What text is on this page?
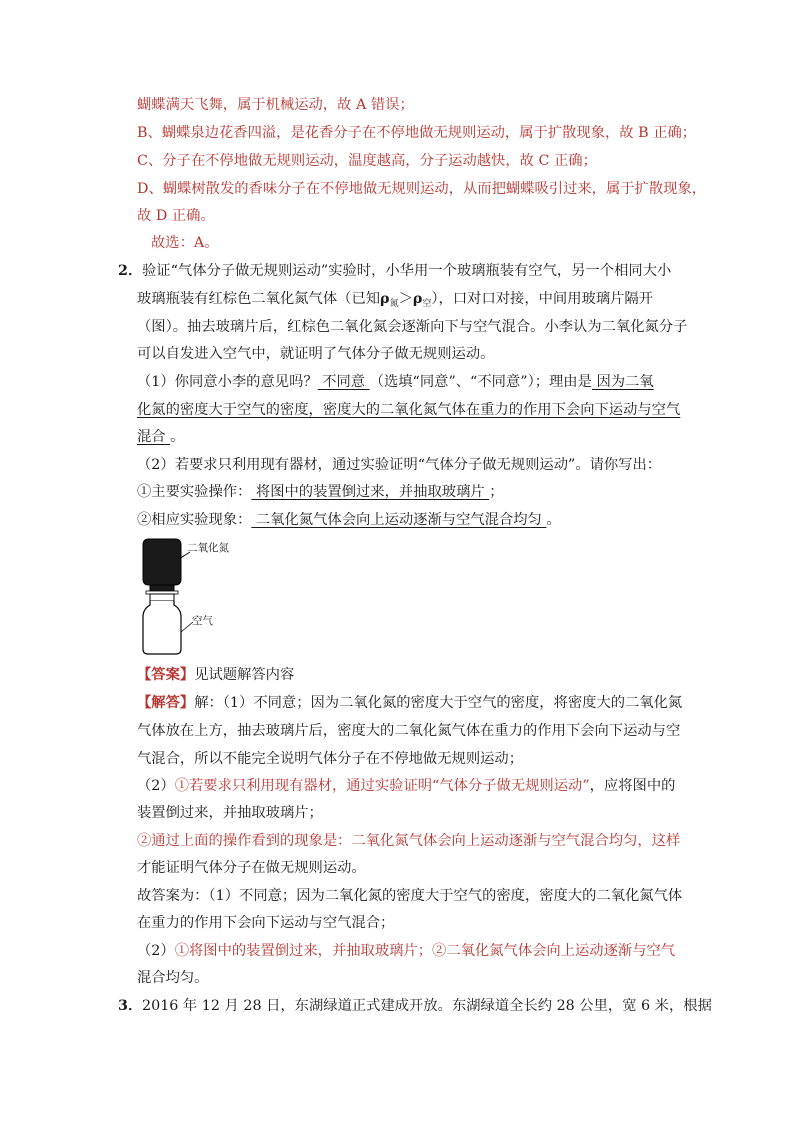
蝴蝶满天飞舞，属于机械运动，故 A 错误；
B、蝴蝶泉边花香四溢，是花香分子在不停地做无规则运动，属于扩散现象，故 B 正确；
C、分子在不停地做无规则运动，温度越高，分子运动越快，故 C 正确；
D、蝴蝶树散发的香味分子在不停地做无规则运动，从而把蝴蝶吸引过来，属于扩散现象，
故 D 正确。
故选：A。
2． 验证“气体分子做无规则运动”实验时，小华用一个玻璃瓶装有空气，另一个相同大小
玻璃瓶装有红棕色二氧化氮气体（已知$\rho_氮>\rho_空$），口对口对接，中间用玻璃片隔开
（图）。抽去玻璃片后，红棕色二氧化氮会逐渐向下与空气混合。小李认为二氧化氮分子
可以自发进入空气中，就证明了气体分子做无规则运动。
（1）你同意小李的意见吗？ 不同意 （选填“同意”、“不同意”）；理由是 因为二氧
化氮的密度大于空气的密度，密度大的二氧化氮气体在重力的作用下会向下运动与空气
混合 。
（2）若要求只利用现有器材，通过实验证明“气体分子做无规则运动”。请你写出：
①主要实验操作： 将图中的装置倒过来，并抽取玻璃片 ；
②相应实验现象： 二氧化氮气体会向上运动逐渐与空气混合均匀 。
二氧化氮
空气
【答案】见试题解答内容
【解答】解：（1）不同意；因为二氧化氮的密度大于空气的密度，将密度大的二氧化氮
气体放在上方，抽去玻璃片后，密度大的二氧化氮气体在重力的作用下会向下运动与空
气混合，所以不能完全说明气体分子在不停地做无规则运动；
（2）①若要求只利用现有器材，通过实验证明“气体分子做无规则运动”，应将图中的
装置倒过来，并抽取玻璃片；
②通过上面的操作看到的现象是：二氧化氮气体会向上运动逐渐与空气混合均匀，这样
才能证明气体分子在做无规则运动。
故答案为：（1）不同意；因为二氧化氮的密度大于空气的密度，密度大的二氧化氮气体
在重力的作用下会向下运动与空气混合；
（2）①将图中的装置倒过来，并抽取玻璃片；②二氧化氮气体会向上运动逐渐与空气
混合均匀。
3． 2016 年 12 月 28 日，东湖绿道正式建成开放。东湖绿道全长约 28 公里，宽 6 米，根据
